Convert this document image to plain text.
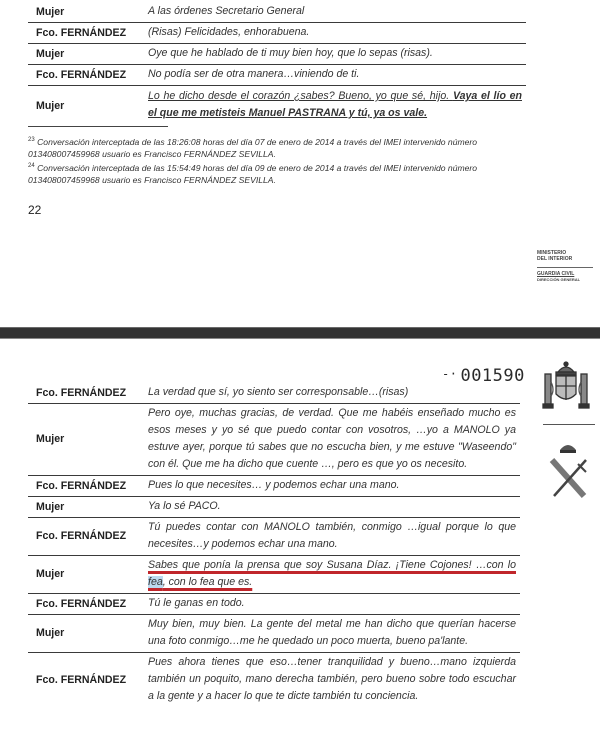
Mujer	A las órdenes Secretario General
Fco. FERNÁNDEZ	(Risas) Felicidades, enhorabuena.
Mujer	Oye que he hablado de ti muy bien hoy, que lo sepas (risas).
Fco. FERNÁNDEZ	No podía ser de otra manera…viniendo de ti.
Mujer	Lo he dicho desde el corazón ¿sabes? Bueno, yo que sé, hijo. Vaya el lío en el que me metisteis Manuel PASTRANA y tú, ya os vale.
$^{23}$ Conversación interceptada de las 18:26:08 horas del día 07 de enero de 2014 a través del IMEI intervenido número 013408007459968 usuario es Francisco FERNÁNDEZ SEVILLA.
$^{24}$ Conversación interceptada de las 15:54:49 horas del día 09 de enero de 2014 a través del IMEI intervenido número 013408007459968 usuario es Francisco FERNÁNDEZ SEVILLA.
22
MINISTERIO
DEL INTERIOR
GUARDIA CIVIL
DIRECCIÓN GENERAL
-· 001590
Fco. FERNÁNDEZ	La verdad que sí, yo siento ser corresponsable…(risas)
Mujer	Pero oye, muchas gracias, de verdad. Que me habéis enseñado mucho es esos meses y yo sé que puedo contar con vosotros, …yo a MANOLO ya estuve ayer, porque tú sabes que no escucha bien, y me estuve "Waseendo" con él. Que me ha dicho que cuente …, pero es que yo os necesito.
Fco. FERNÁNDEZ	Pues lo que necesites… y podemos echar una mano.
Mujer	Ya lo sé PACO.
Fco. FERNÁNDEZ	Tú puedes contar con MANOLO también, conmigo …igual porque lo que necesites…y podemos echar una mano.
Mujer	Sabes que ponía la prensa que soy Susana Díaz. ¡Tiene Cojones! …con lo fea, con lo fea que es.
Fco. FERNÁNDEZ	Tú le ganas en todo.
Mujer	Muy bien, muy bien. La gente del metal me han dicho que querían hacerse una foto conmigo…me he quedado un poco muerta, bueno pa'lante.
Fco. FERNÁNDEZ	Pues ahora tienes que eso…tener tranquilidad y bueno…mano izquierda también un poquito, mano derecha también, pero bueno sobre todo escuchar a la gente y a hacer lo que te dicte también tu conciencia.
